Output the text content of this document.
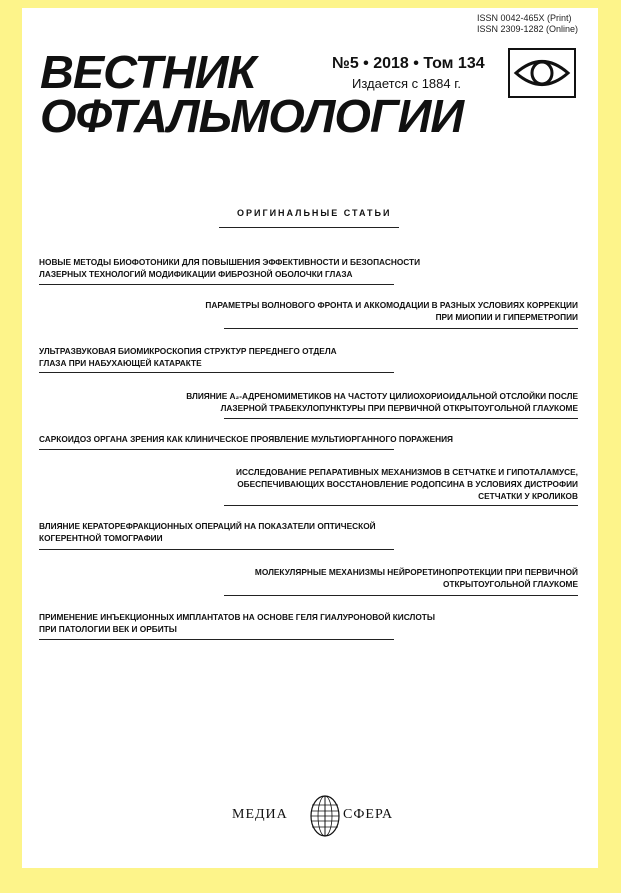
ISSN 0042-465X (Print)
ISSN 2309-1282 (Online)
ВЕСТНИК
ОФТАЛЬМОЛОГИИ
№5 • 2018 • Том 134
Издается с 1884 г.
ОРИГИНАЛЬНЫЕ СТАТЬИ
НОВЫЕ МЕТОДЫ БИОФОТОНИКИ ДЛЯ ПОВЫШЕНИЯ ЭФФЕКТИВНОСТИ И БЕЗОПАСНОСТИ
ЛАЗЕРНЫХ ТЕХНОЛОГИЙ МОДИФИКАЦИИ ФИБРОЗНОЙ ОБОЛОЧКИ ГЛАЗА
ПАРАМЕТРЫ ВОЛНОВОГО ФРОНТА И АККОМОДАЦИИ В РАЗНЫХ УСЛОВИЯХ КОРРЕКЦИИ
ПРИ МИОПИИ И ГИПЕРМЕТРОПИИ
УЛЬТРАЗВУКОВАЯ БИОМИКРОСКОПИЯ СТРУКТУР ПЕРЕДНЕГО ОТДЕЛА
ГЛАЗА ПРИ НАБУХАЮЩЕЙ КАТАРАКТЕ
ВЛИЯНИЕ Α₂-АДРЕНОМИМЕТИКОВ НА ЧАСТОТУ ЦИЛИОХОРИОИДАЛЬНОЙ ОТСЛОЙКИ ПОСЛЕ
ЛАЗЕРНОЙ ТРАБЕКУЛОПУНКТУРЫ ПРИ ПЕРВИЧНОЙ ОТКРЫТОУГОЛЬНОЙ ГЛАУКОМЕ
САРКОИДОЗ ОРГАНА ЗРЕНИЯ КАК КЛИНИЧЕСКОЕ ПРОЯВЛЕНИЕ МУЛЬТИОРГАННОГО ПОРАЖЕНИЯ
ИССЛЕДОВАНИЕ РЕПАРАТИВНЫХ МЕХАНИЗМОВ В СЕТЧАТКЕ И ГИПОТАЛАМУСЕ,
ОБЕСПЕЧИВАЮЩИХ ВОССТАНОВЛЕНИЕ РОДОПСИНА В УСЛОВИЯХ ДИСТРОФИИ
СЕТЧАТКИ У КРОЛИКОВ
ВЛИЯНИЕ КЕРАТОРЕФРАКЦИОННЫХ ОПЕРАЦИЙ НА ПОКАЗАТЕЛИ ОПТИЧЕСКОЙ
КОГЕРЕНТНОЙ ТОМОГРАФИИ
МОЛЕКУЛЯРНЫЕ МЕХАНИЗМЫ НЕЙРОРЕТИНОПРОТЕКЦИИ ПРИ ПЕРВИЧНОЙ
ОТКРЫТОУГОЛЬНОЙ ГЛАУКОМЕ
ПРИМЕНЕНИЕ ИНЪЕКЦИОННЫХ ИМПЛАНТАТОВ НА ОСНОВЕ ГЕЛЯ ГИАЛУРОНОВОЙ КИСЛОТЫ
ПРИ ПАТОЛОГИИ ВЕК И ОРБИТЫ
МЕДИА	СФЕРА
